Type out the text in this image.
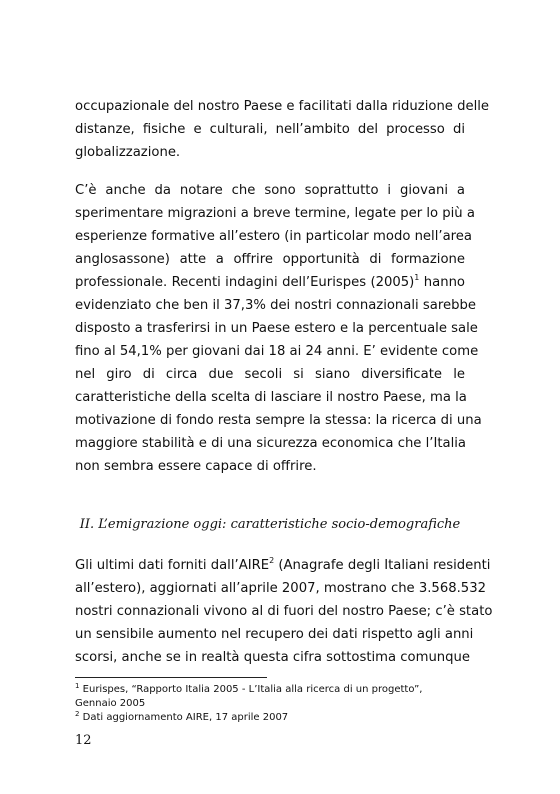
occupazionale del nostro Paese e facilitati dalla riduzione delle
distanze, fisiche e culturali, nell’ambito del processo di
globalizzazione.
C’è anche da notare che sono soprattutto i giovani a
sperimentare migrazioni a breve termine, legate per lo più a
esperienze formative all’estero (in particolar modo nell’area
anglosassone) atte a offrire opportunità di formazione
professionale. Recenti indagini dell’Eurispes $(2005)^1$ hanno
evidenziato che ben il 37,3% dei nostri connazionali sarebbe
disposto a trasferirsi in un Paese estero e la percentuale sale
fino al 54,1% per giovani dai 18 ai 24 anni. E’ evidente come
nel giro di circa due secoli si siano diversificate le
caratteristiche della scelta di lasciare il nostro Paese, ma la
motivazione di fondo resta sempre la stessa: la ricerca di una
maggiore stabilità e di una sicurezza economica che l’Italia
non sembra essere capace di offrire.
II. L’emigrazione oggi: caratteristiche socio-demografiche
Gli ultimi dati forniti dall’AIRE$^2$ (Anagrafe degli Italiani residenti
all’estero), aggiornati all’aprile 2007, mostrano che 3.568.532
nostri connazionali vivono al di fuori del nostro Paese; c’è stato
un sensibile aumento nel recupero dei dati rispetto agli anni
scorsi, anche se in realtà questa cifra sottostima comunque
$^1$ Eurispes, “Rapporto Italia 2005 - L’Italia alla ricerca di un progetto”,
Gennaio 2005
$^2$ Dati aggiornamento AIRE, 17 aprile 2007
12
